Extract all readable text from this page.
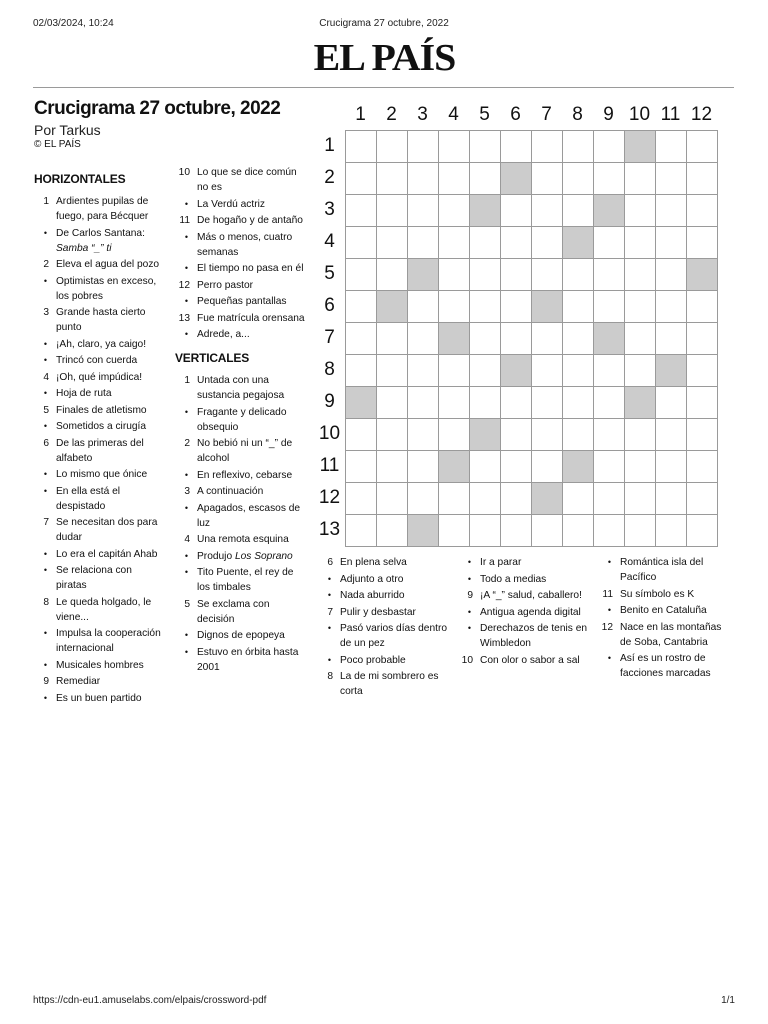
02/03/2024, 10:24	Crucigrama 27 octubre, 2022
EL PAÍS
Crucigrama 27 octubre, 2022
Por Tarkus
© EL PAÍS
HORIZONTALES
1 Ardientes pupilas de fuego, para Bécquer
• De Carlos Santana: Samba “_” ti
2 Eleva el agua del pozo
• Optimistas en exceso, los pobres
3 Grande hasta cierto punto
• ¡Ah, claro, ya caigo!
• Trincó con cuerda
4 ¡Oh, qué impúdica!
• Hoja de ruta
5 Finales de atletismo
• Sometidos a cirugía
6 De las primeras del alfabeto
• Lo mismo que ónice
• En ella está el despistado
7 Se necesitan dos para dudar
• Lo era el capitán Ahab
• Se relaciona con piratas
8 Le queda holgado, le viene...
• Impulsa la cooperación internacional
• Musicales hombres
9 Remediar
• Es un buen partido
10 Lo que se dice común no es
• La Verdú actriz
11 De hogaño y de antaño
• Más o menos, cuatro semanas
• El tiempo no pasa en él
12 Perro pastor
• Pequeñas pantallas
13 Fue matrícula orensana
• Adrede, a...
VERTICALES
1 Untada con una sustancia pegajosa
• Fragante y delicado obsequio
2 No bebió ni un “_” de alcohol
• En reflexivo, cebarse
3 A continuación
• Apagados, escasos de luz
4 Una remota esquina
• Produjo Los Soprano
• Tito Puente, el rey de los timbales
5 Se exclama con decisión
• Dignos de epopeya
• Estuvo en órbita hasta 2001
6 En plena selva
• Adjunto a otro
• Nada aburrido
7 Pulir y desbastar
• Pasó varios días dentro de un pez
• Poco probable
8 La de mi sombrero es corta
• Ir a parar
• Todo a medias
9 ¡A “_” salud, caballero!
• Antigua agenda digital
• Derechazos de tenis en Wimbledon
10 Con olor o sabor a sal
• Romántica isla del Pacífico
11 Su símbolo es K
• Benito en Cataluña
12 Nace en las montañas de Soba, Cantabria
• Así es un rostro de facciones marcadas
1	2	3	4	5	6	7	8	9 10 11 12
1
2
3
4
5
6
7
8
9
10
11
12
13
https://cdn-eu1.amuselabs.com/elpais/crossword-pdf	1/1
